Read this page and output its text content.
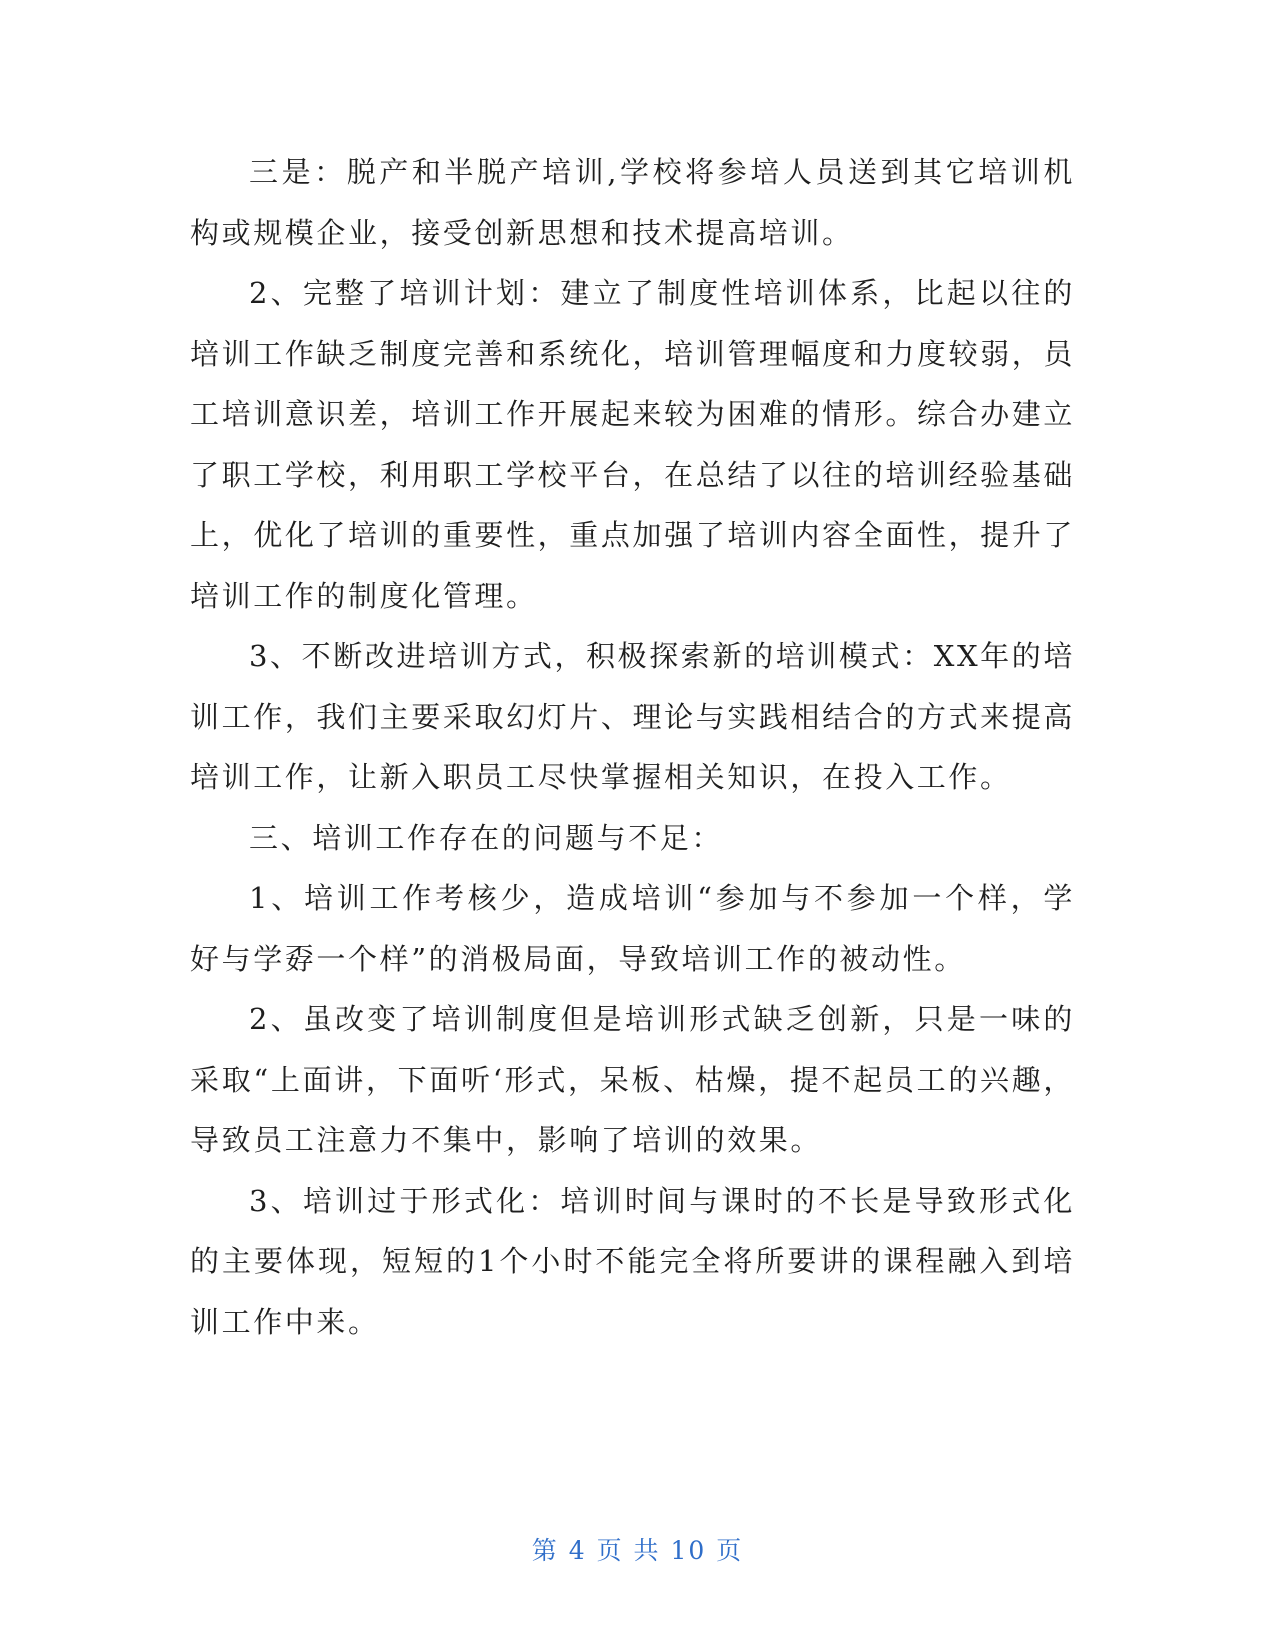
三是：脱产和半脱产培训,学校将参培人员送到其它培训机构或规模企业，接受创新思想和技术提高培训。

2、完整了培训计划：建立了制度性培训体系，比起以往的培训工作缺乏制度完善和系统化，培训管理幅度和力度较弱，员工培训意识差，培训工作开展起来较为困难的情形。综合办建立了职工学校，利用职工学校平台，在总结了以往的培训经验基础上，优化了培训的重要性，重点加强了培训内容全面性，提升了培训工作的制度化管理。

3、不断改进培训方式，积极探索新的培训模式：XX年的培训工作，我们主要采取幻灯片、理论与实践相结合的方式来提高培训工作，让新入职员工尽快掌握相关知识，在投入工作。

三、培训工作存在的问题与不足：

1、培训工作考核少，造成培训“参加与不参加一个样，学好与学孬一个样”的消极局面，导致培训工作的被动性。

2、虽改变了培训制度但是培训形式缺乏创新，只是一味的采取“上面讲，下面听‘形式，呆板、枯燥，提不起员工的兴趣，导致员工注意力不集中，影响了培训的效果。

3、培训过于形式化：培训时间与课时的不长是导致形式化的主要体现，短短的1个小时不能完全将所要讲的课程融入到培训工作中来。

第 4 页 共 10 页
